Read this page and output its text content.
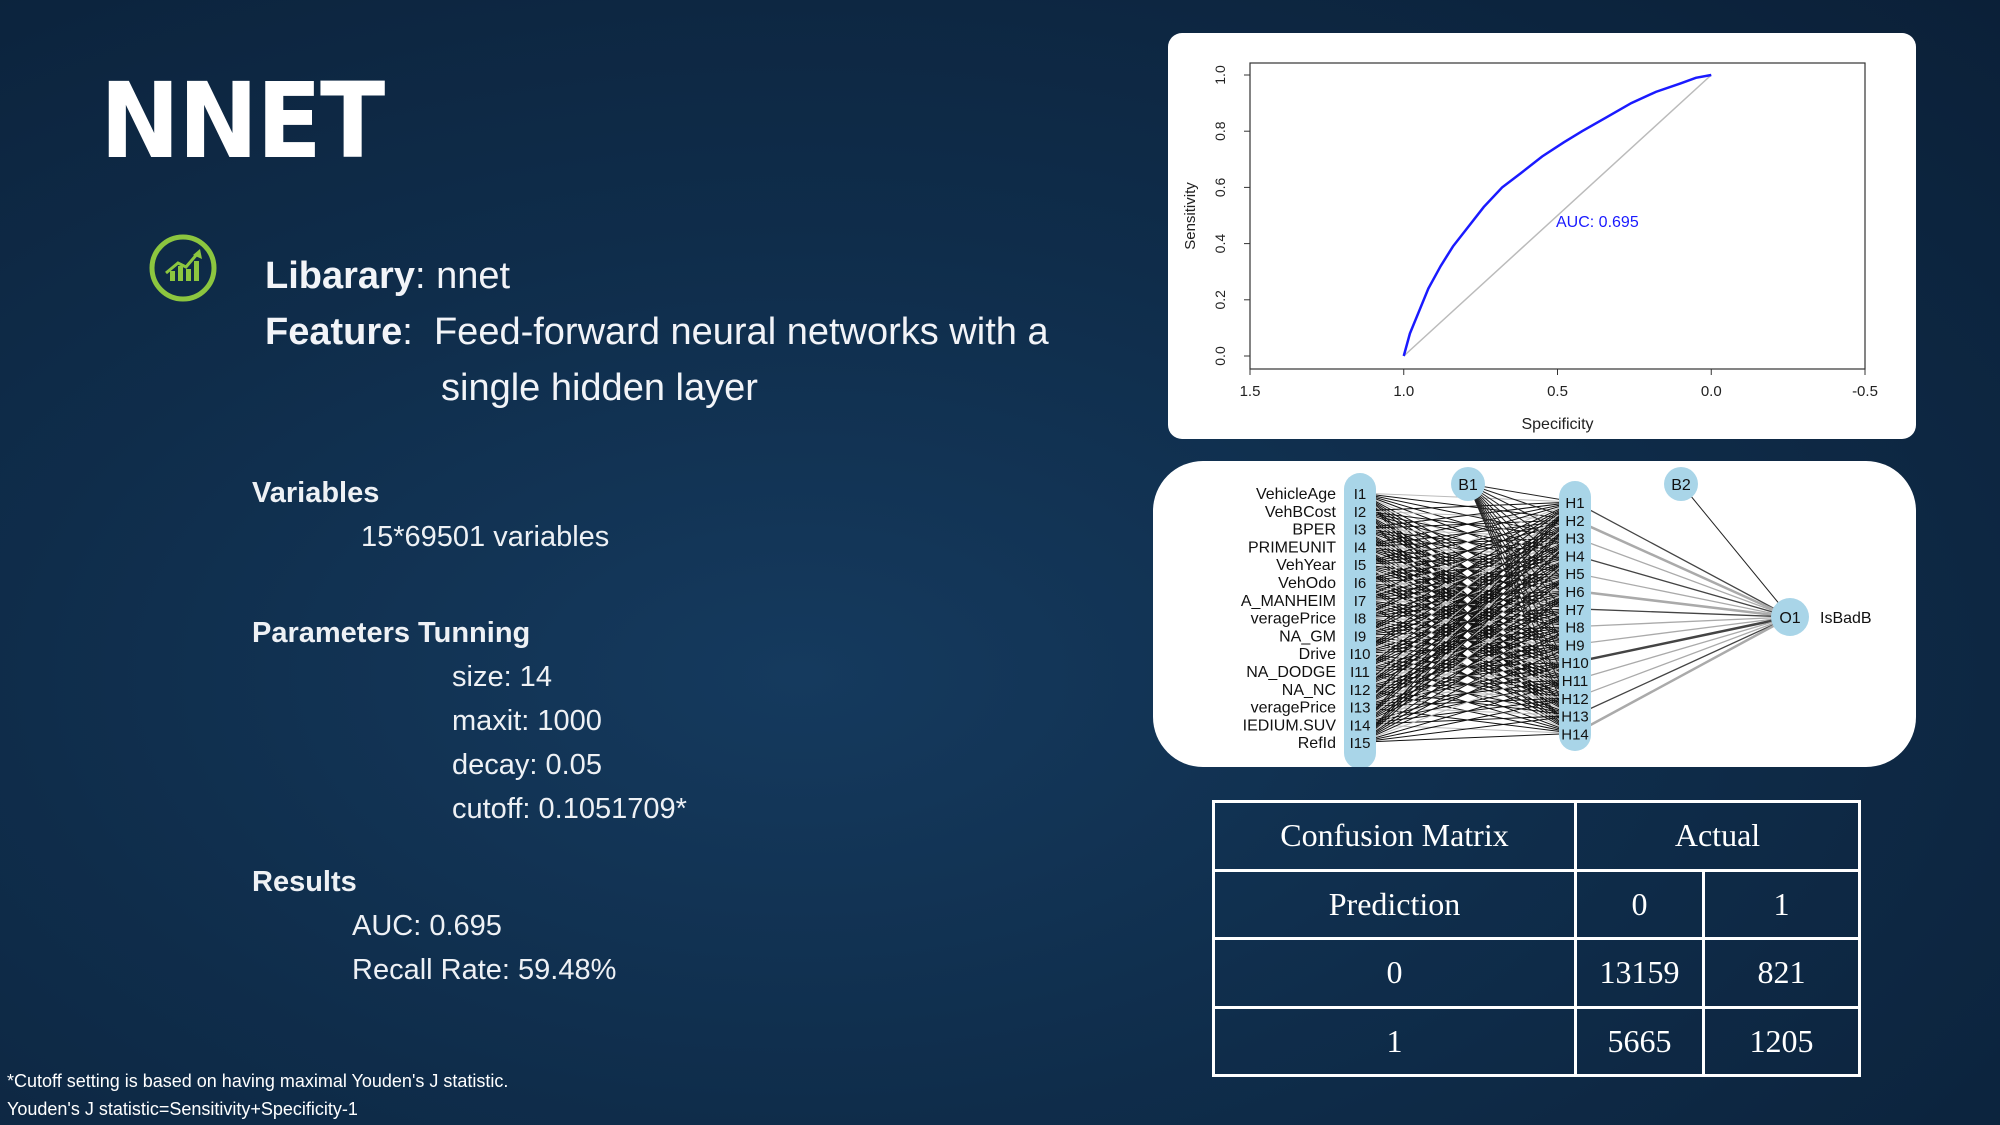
NNET
Libarary: nnet
Feature:  Feed-forward neural networks with a
single hidden layer
Variables
15*69501 variables
Parameters Tunning
size: 14
maxit: 1000
decay: 0.05
cutoff: 0.1051709*
Results
AUC: 0.695
Recall Rate: 59.48%
*Cutoff setting is based on having maximal Youden's J statistic.
Youden's J statistic=Sensitivity+Specificity-1
1.5	1.0	0.5	0.0	-0.5
0.0
0.2
0.4
0.6
0.8
1.0
Specificity
Sensitivity	AUC: 0.695
B1	B2
O1 IsBadB
I1
I2
I3
I4
I5
I6
I7
I8
I9
I10
I11
I12
I13
I14
I15
VehicleAge
VehBCost
BPER
PRIMEUNIT
VehYear
VehOdo
A_MANHEIM
veragePrice
NA_GM
Drive
NA_DODGE
NA_NC
veragePrice
IEDIUM.SUV
RefId
H1
H2
H3
H4
H5
H6
H7
H8
H9
H10
H11
H12
H13
H14
Confusion Matrix	Actual	
Prediction	0	1
0	13159	821
1	5665	1205
